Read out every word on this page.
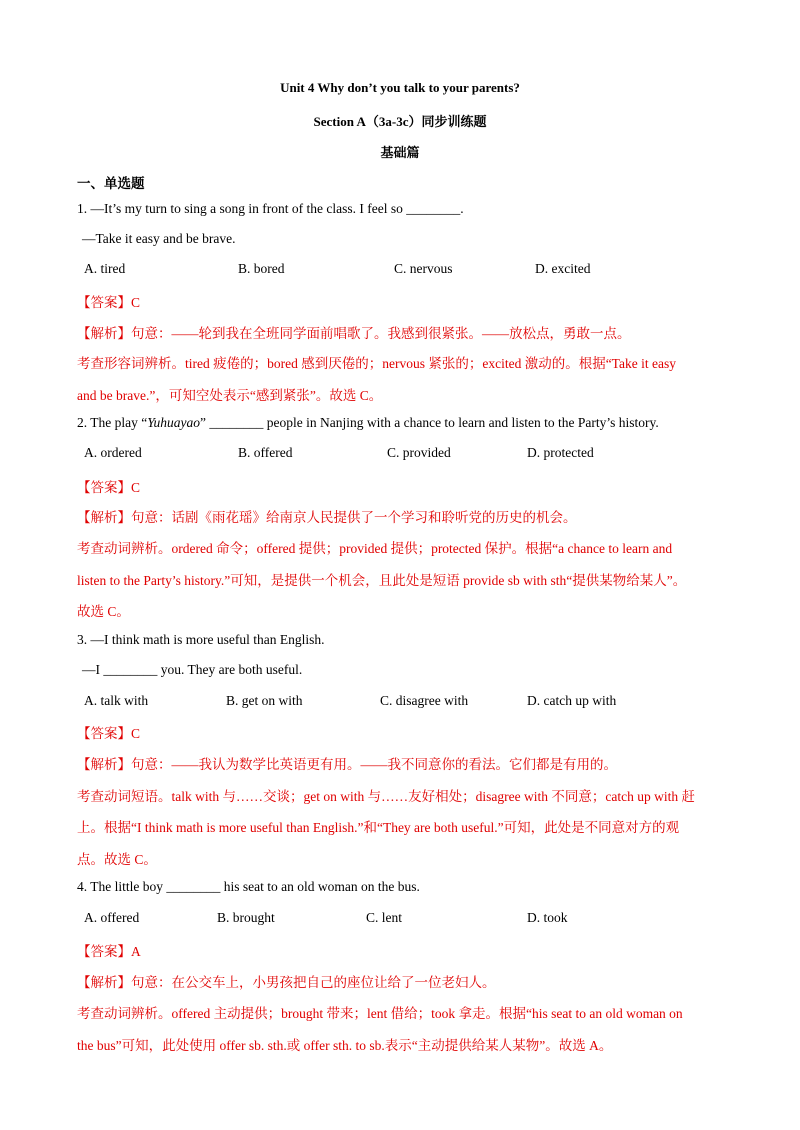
Unit 4 Why don’t you talk to your parents?
Section A（3a-3c）同步训练题
基础篇
一、单选题
1. —It’s my turn to sing a song in front of the class. I feel so ________.
—Take it easy and be brave.
A. tired	B. bored	C. nervous	D. excited
【答案】C
【解析】句意：——轮到我在全班同学面前唱歌了。我感到很紧张。——放松点，勇敢一点。
考查形容词辨析。tired 疲倦的；bored 感到厌倦的；nervous 紧张的；excited 激动的。根据“Take it easy
and be brave.”，可知空处表示“感到紧张”。故选 C。
2. The play “Yuhuayao” ________ people in Nanjing with a chance to learn and listen to the Party’s history.
A. ordered	B. offered	C. provided	D. protected
【答案】C
【解析】句意：话剧《雨花瑶》给南京人民提供了一个学习和聆听党的历史的机会。
考查动词辨析。ordered 命令；offered 提供；provided 提供；protected 保护。根据“a chance to learn and
listen to the Party’s history.”可知，是提供一个机会，且此处是短语 provide sb with sth“提供某物给某人”。
故选 C。
3. —I think math is more useful than English.
—I ________ you. They are both useful.
A. talk with	B. get on with	C. disagree with	D. catch up with
【答案】C
【解析】句意：——我认为数学比英语更有用。——我不同意你的看法。它们都是有用的。
考查动词短语。talk with 与……交谈；get on with 与……友好相处；disagree with 不同意；catch up with 赶
上。根据“I think math is more useful than English.”和“They are both useful.”可知，此处是不同意对方的观
点。故选 C。
4. The little boy ________ his seat to an old woman on the bus.
A. offered	B. brought	C. lent	D. took
【答案】A
【解析】句意：在公交车上，小男孩把自己的座位让给了一位老妇人。
考查动词辨析。offered 主动提供；brought 带来；lent 借给；took 拿走。根据“his seat to an old woman on
the bus”可知，此处使用 offer sb. sth.或 offer sth. to sb.表示“主动提供给某人某物”。故选 A。
